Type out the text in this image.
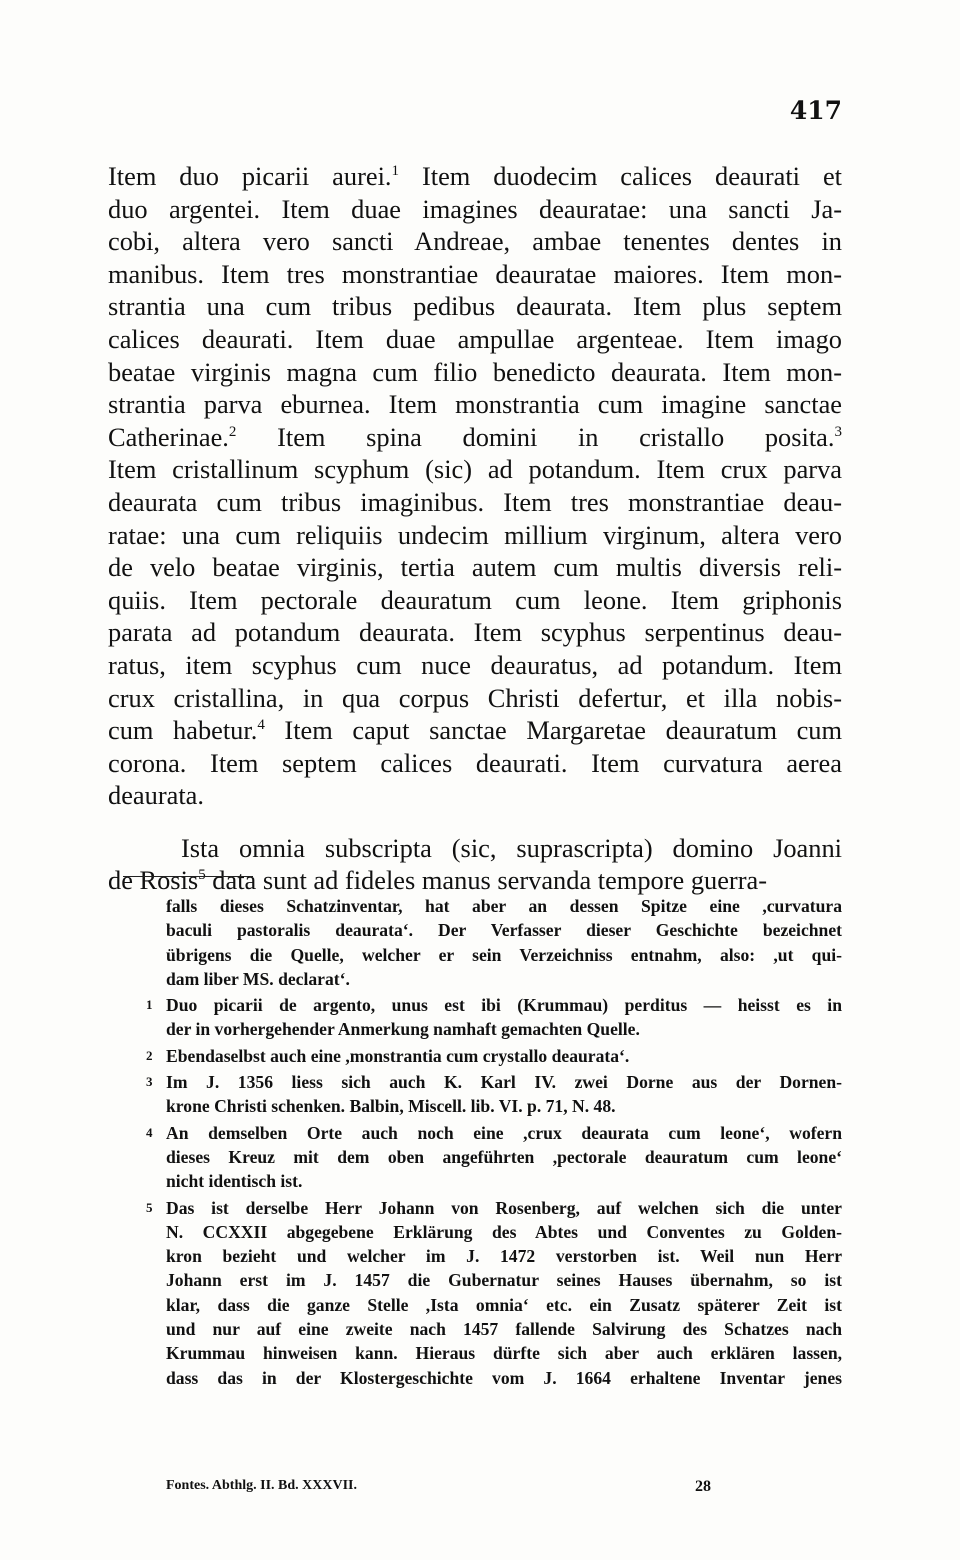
417
Item duo picarii aurei.$^1$ Item duodecim calices deaurati et
duo argentei. Item duae imagines deauratae: una sancti Ja-
cobi, altera vero sancti Andreae, ambae tenentes dentes in
manibus. Item tres monstrantiae deauratae maiores. Item mon-
strantia una cum tribus pedibus deaurata. Item plus septem
calices deaurati. Item duae ampullae argenteae. Item imago
beatae virginis magna cum filio benedicto deaurata. Item mon-
strantia parva eburnea. Item monstrantia cum imagine sanctae
Catherinae.$^2$ Item spina domini in cristallo posita.$^3$
Item cristallinum scyphum (sic) ad potandum. Item crux parva
deaurata cum tribus imaginibus. Item tres monstrantiae deau-
ratae: una cum reliquiis undecim millium virginum, altera vero
de velo beatae virginis, tertia autem cum multis diversis reli-
quiis. Item pectorale deauratum cum leone. Item griphonis
parata ad potandum deaurata. Item scyphus serpentinus deau-
ratus, item scyphus cum nuce deauratus, ad potandum. Item
crux cristallina, in qua corpus Christi defertur, et illa nobis-
cum habetur.$^4$ Item caput sanctae Margaretae deauratum cum
corona. Item septem calices deaurati. Item curvatura aerea
deaurata.
Ista omnia subscripta (sic, suprascripta) domino Joanni
de Rosis$^5$ data sunt ad fideles manus servanda tempore guerra-
falls dieses Schatzinventar, hat aber an dessen Spitze eine ,curvatura
baculi pastoralis deaurata‘. Der Verfasser dieser Geschichte bezeichnet
übrigens die Quelle, welcher er sein Verzeichniss entnahm, also: ,ut qui-
dam liber MS. declarat‘.
1 Duo picarii de argento, unus est ibi (Krummau) perditus — heisst es in
der in vorhergehender Anmerkung namhaft gemachten Quelle.
2 Ebendaselbst auch eine ,monstrantia cum crystallo deaurata‘.
3 Im J. 1356 liess sich auch K. Karl IV. zwei Dorne aus der Dornen-
krone Christi schenken. Balbin, Miscell. lib. VI. p. 71, N. 48.
4 An demselben Orte auch noch eine ,crux deaurata cum leone‘, wofern
dieses Kreuz mit dem oben angeführten ,pectorale deauratum cum leone‘
nicht identisch ist.
5 Das ist derselbe Herr Johann von Rosenberg, auf welchen sich die unter
N. CCXXII abgegebene Erklärung des Abtes und Conventes zu Golden-
kron bezieht und welcher im J. 1472 verstorben ist. Weil nun Herr
Johann erst im J. 1457 die Gubernatur seines Hauses übernahm, so ist
klar, dass die ganze Stelle ,Ista omnia‘ etc. ein Zusatz späterer Zeit ist
und nur auf eine zweite nach 1457 fallende Salvirung des Schatzes nach
Krummau hinweisen kann. Hieraus dürfte sich aber auch erklären lassen,
dass das in der Klostergeschichte vom J. 1664 erhaltene Inventar jenes
Fontes. Abthlg. II. Bd. XXXVII.	28
